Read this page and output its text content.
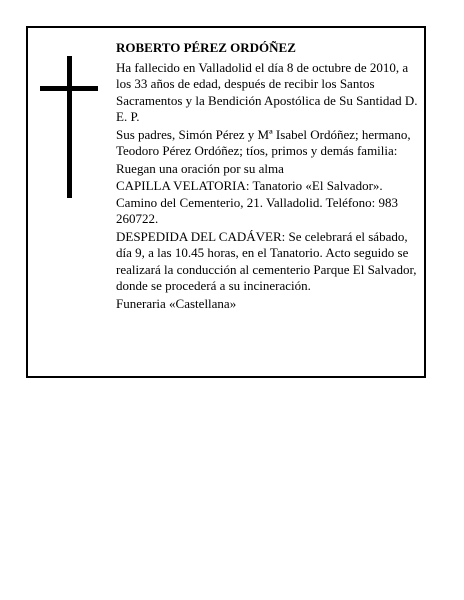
ROBERTO PÉREZ ORDÓÑEZ

Ha fallecido en Valladolid el día 8 de octubre de 2010, a los 33 años de edad, después de recibir los Santos Sacramentos y la Bendición Apostólica de Su Santidad D. E. P.

Sus padres, Simón Pérez y Mª Isabel Ordóñez; hermano, Teodoro Pérez Ordóñez; tíos, primos y demás familia:

Ruegan una oración por su alma

CAPILLA VELATORIA: Tanatorio «El Salvador». Camino del Cementerio, 21. Valladolid. Teléfono: 983 260722.

DESPEDIDA DEL CADÁVER: Se celebrará el sábado, día 9, a las 10.45 horas, en el Tanatorio. Acto seguido se realizará la conducción al cementerio Parque El Salvador, donde se procederá a su incineración.

Funeraria «Castellana»
